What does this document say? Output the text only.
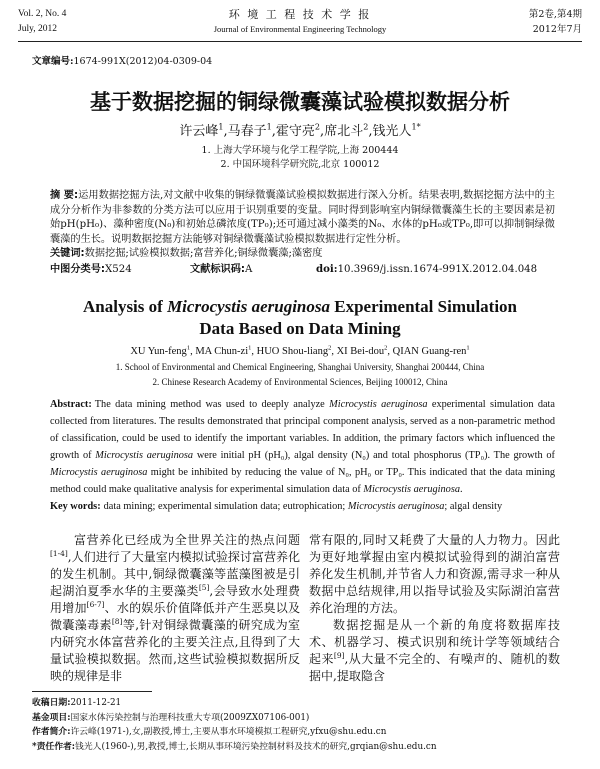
Vol. 2, No. 4
July, 2012
环 境 工 程 技 术 学 报
Journal of Environmental Engineering Technology
第2卷,第4期
2012年7月
文章编号:1674-991X(2012)04-0309-04
基于数据挖掘的铜绿微囊藻试验模拟数据分析
许云峰$^1$,马春子$^1$,霍守亮$^2$,席北斗$^2$,钱光人$^{1*}$
1. 上海大学环境与化学工程学院,上海 200444
2. 中国环境科学研究院,北京 100012
摘 要:运用数据挖掘方法,对文献中收集的铜绿微囊藻试验模拟数据进行深入分析。结果表明,数据挖掘方法中的主成分分析作为非参数的分类方法可以应用于识别重要的变量。同时得到影响室内铜绿微囊藻生长的主要因素是初始pH(pH₀)、藻种密度(N₀)和初始总磷浓度(TP₀);还可通过减小藻类的N₀、水体的pH₀或TP₀,即可以抑制铜绿微囊藻的生长。说明数据挖掘方法能够对铜绿微囊藻试验模拟数据进行定性分析。
关键词:数据挖掘;试验模拟数据;富营养化;铜绿微囊藻;藻密度
中图分类号:X524	文献标识码:A	doi:10.3969/j.issn.1674-991X.2012.04.048
Analysis of Microcystis aeruginosa Experimental Simulation
Data Based on Data Mining
XU Yun-feng$^1$, MA Chun-$zi^1$, HUO Shou-liang$^2$, XI Bei-dou$^2$, QIAN Guang-ren$^1$
1. School of Environmental and Chemical Engineering, Shanghai University, Shanghai 200444, China
2. Chinese Research Academy of Environmental Sciences, Beijing 100012, China
Abstract: The data mining method was used to deeply analyze Microcystis aeruginosa experimental simulation data collected from literatures. The results demonstrated that principal component analysis, served as a non-parametric method of classification, could be used to identify the important variables. In addition, the primary factors which influenced the growth of Microcystis aeruginosa were initial pH (pH₀), algal density (N₀) and total phosphorus (TP₀). The growth of Microcystis aeruginosa might be inhibited by reducing the value of N₀, pH₀ or TP₀. This indicated that the data mining method could make qualitative analysis for experimental simulation data of Microcystis aeruginosa.
Key words: data mining; experimental simulation data; eutrophication; Microcystis aeruginosa; algal density
富营养化已经成为全世界关注的热点问题[1-4],人们进行了大量室内模拟试验探讨富营养化的发生机制。其中,铜绿微囊藻等蓝藻图被是引起湖泊夏季水华的主要藻类[5],会导致水处理费用增加[6-7]、水的娱乐价值降低并产生恶臭以及微囊藻毒素[8]等,针对铜绿微囊藻的研究成为室内研究水体富营养化的主要关注点,且得到了大量试验模拟数据。然而,这些试验模拟数据所反映的规律是非
常有限的,同时又耗费了大量的人力物力。因此为更好地掌握由室内模拟试验得到的湖泊富营养化发生机制,并节省人力和资源,需寻求一种从数据中总结规律,用以指导试验及实际湖泊富营养化治理的方法。
数据挖掘是从一个新的角度将数据库技术、机器学习、模式识别和统计学等领域结合起来[9],从大量不完全的、有噪声的、随机的数据中,提取隐含
收稿日期:2011-12-21
基金项目:国家水体污染控制与治理科技重大专项(2009ZX07106-001)
作者简介:许云峰(1971-),女,副教授,博士,主要从事水环境模拟工程研究,yfxu@shu.edu.cn
*责任作者:钱光人(1960-),男,教授,博士,长期从事环境污染控制材料及技术的研究,grqian@shu.edu.cn
